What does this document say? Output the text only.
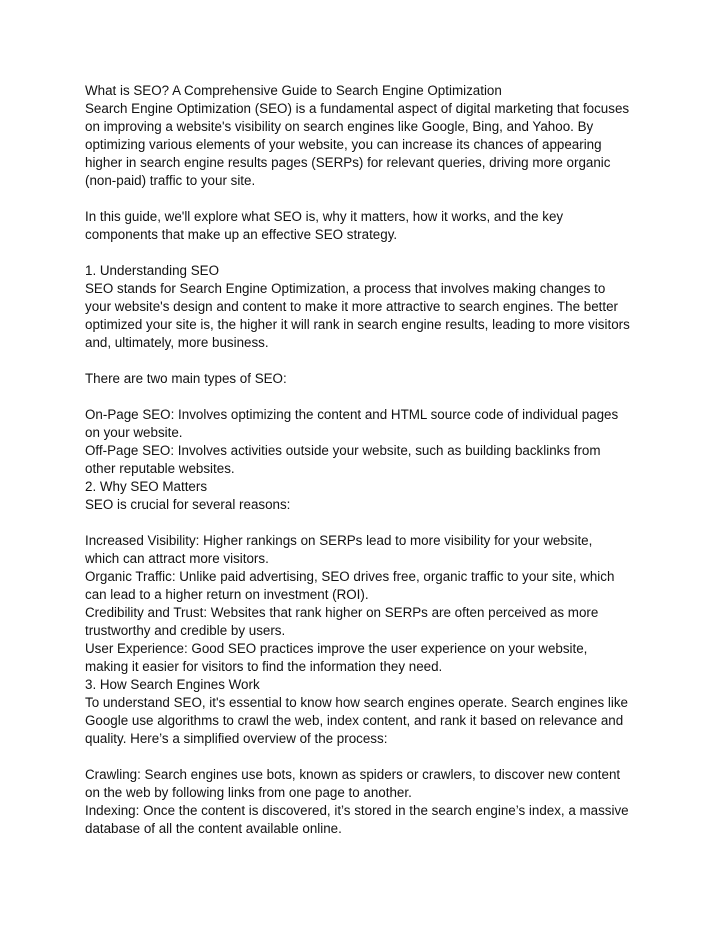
What is SEO? A Comprehensive Guide to Search Engine Optimization
Search Engine Optimization (SEO) is a fundamental aspect of digital marketing that focuses
on improving a website's visibility on search engines like Google, Bing, and Yahoo. By
optimizing various elements of your website, you can increase its chances of appearing
higher in search engine results pages (SERPs) for relevant queries, driving more organic
(non-paid) traffic to your site.
In this guide, we'll explore what SEO is, why it matters, how it works, and the key
components that make up an effective SEO strategy.
1. Understanding SEO
SEO stands for Search Engine Optimization, a process that involves making changes to
your website's design and content to make it more attractive to search engines. The better
optimized your site is, the higher it will rank in search engine results, leading to more visitors
and, ultimately, more business.
There are two main types of SEO:
On-Page SEO: Involves optimizing the content and HTML source code of individual pages
on your website.
Off-Page SEO: Involves activities outside your website, such as building backlinks from
other reputable websites.
2. Why SEO Matters
SEO is crucial for several reasons:
Increased Visibility: Higher rankings on SERPs lead to more visibility for your website,
which can attract more visitors.
Organic Traffic: Unlike paid advertising, SEO drives free, organic traffic to your site, which
can lead to a higher return on investment (ROI).
Credibility and Trust: Websites that rank higher on SERPs are often perceived as more
trustworthy and credible by users.
User Experience: Good SEO practices improve the user experience on your website,
making it easier for visitors to find the information they need.
3. How Search Engines Work
To understand SEO, it's essential to know how search engines operate. Search engines like
Google use algorithms to crawl the web, index content, and rank it based on relevance and
quality. Here’s a simplified overview of the process:
Crawling: Search engines use bots, known as spiders or crawlers, to discover new content
on the web by following links from one page to another.
Indexing: Once the content is discovered, it’s stored in the search engine’s index, a massive
database of all the content available online.
